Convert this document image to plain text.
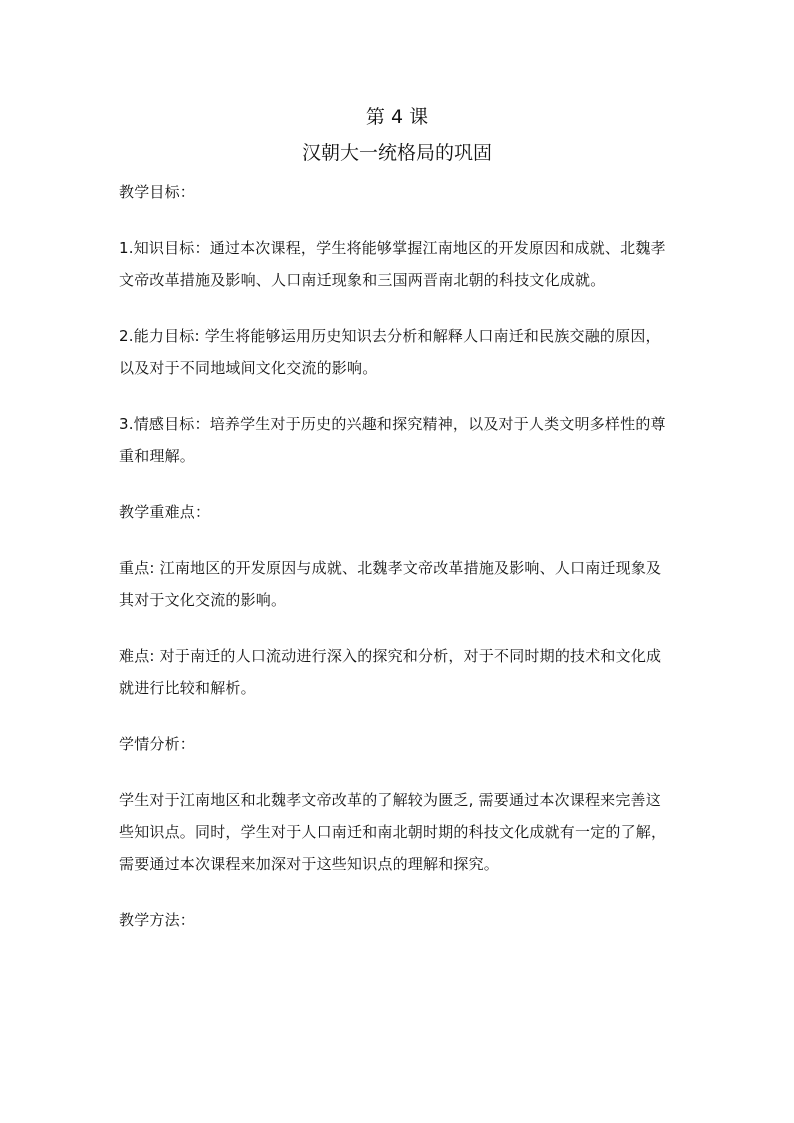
第 4 课
汉朝大一统格局的巩固

教学目标：

1.知识目标：通过本次课程，学生将能够掌握江南地区的开发原因和成就、北魏孝文帝改革措施及影响、人口南迁现象和三国两晋南北朝的科技文化成就。

2.能力目标: 学生将能够运用历史知识去分析和解释人口南迁和民族交融的原因，以及对于不同地域间文化交流的影响。

3.情感目标：培养学生对于历史的兴趣和探究精神，以及对于人类文明多样性的尊重和理解。

教学重难点：

重点: 江南地区的开发原因与成就、北魏孝文帝改革措施及影响、人口南迁现象及其对于文化交流的影响。

难点: 对于南迁的人口流动进行深入的探究和分析，对于不同时期的技术和文化成就进行比较和解析。

学情分析：

学生对于江南地区和北魏孝文帝改革的了解较为匮乏, 需要通过本次课程来完善这些知识点。同时，学生对于人口南迁和南北朝时期的科技文化成就有一定的了解，需要通过本次课程来加深对于这些知识点的理解和探究。

教学方法：
